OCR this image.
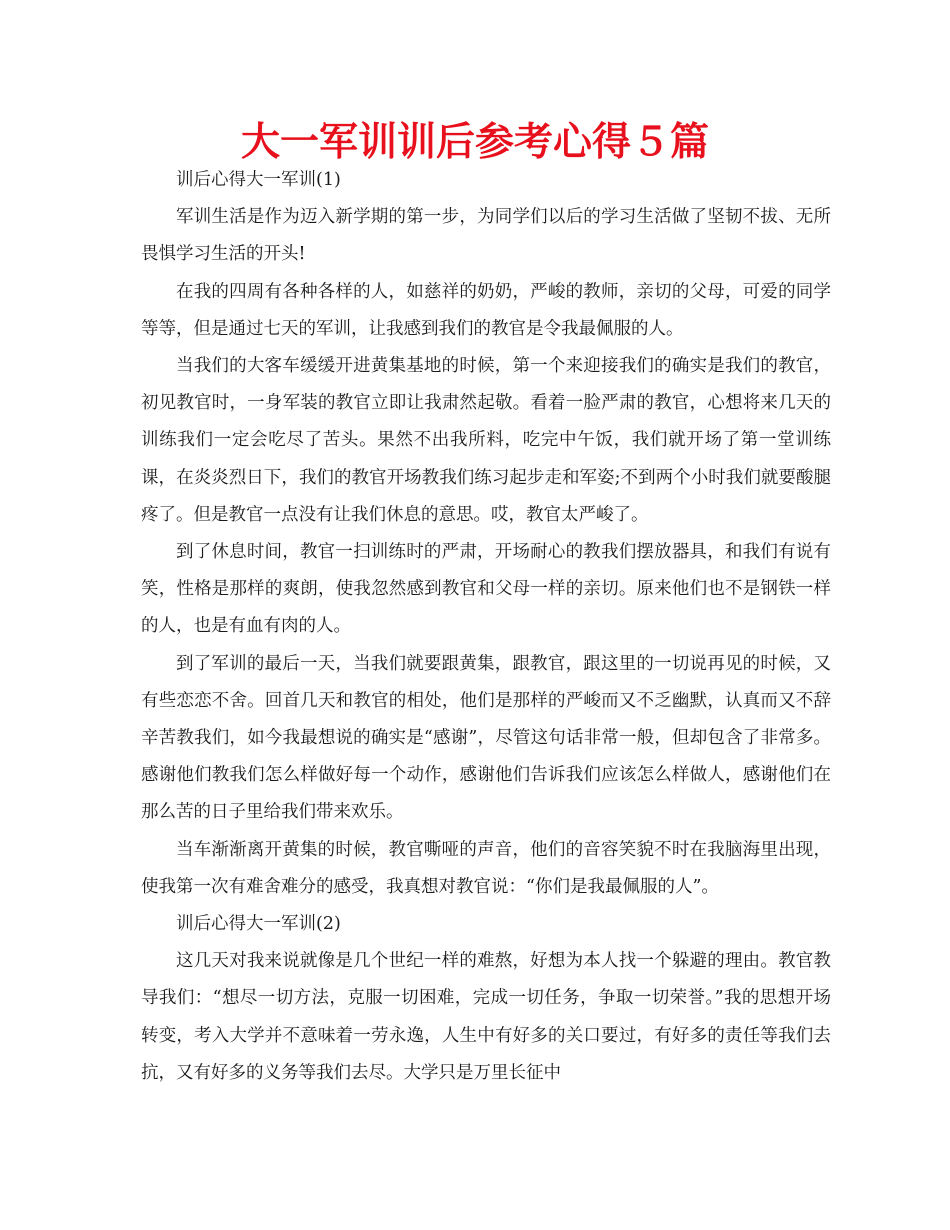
大一军训训后参考心得５篇

训后心得大一军训(1)

军训生活是作为迈入新学期的第一步，为同学们以后的学习生活做了坚韧不拔、无所畏惧学习生活的开头!

在我的四周有各种各样的人，如慈祥的奶奶，严峻的教师，亲切的父母，可爱的同学等等，但是通过七天的军训，让我感到我们的教官是令我最佩服的人。

当我们的大客车缓缓开进黄集基地的时候，第一个来迎接我们的确实是我们的教官，初见教官时，一身军装的教官立即让我肃然起敬。看着一脸严肃的教官，心想将来几天的训练我们一定会吃尽了苦头。果然不出我所料，吃完中午饭，我们就开场了第一堂训练课，在炎炎烈日下，我们的教官开场教我们练习起步走和军姿;不到两个小时我们就要酸腿疼了。但是教官一点没有让我们休息的意思。哎，教官太严峻了。

到了休息时间，教官一扫训练时的严肃，开场耐心的教我们摆放器具，和我们有说有笑，性格是那样的爽朗，使我忽然感到教官和父母一样的亲切。原来他们也不是钢铁一样的人，也是有血有肉的人。

到了军训的最后一天，当我们就要跟黄集，跟教官，跟这里的一切说再见的时候，又有些恋恋不舍。回首几天和教官的相处，他们是那样的严峻而又不乏幽默，认真而又不辞辛苦教我们，如今我最想说的确实是“感谢”，尽管这句话非常一般，但却包含了非常多。感谢他们教我们怎么样做好每一个动作，感谢他们告诉我们应该怎么样做人，感谢他们在那么苦的日子里给我们带来欢乐。

当车渐渐离开黄集的时候，教官嘶哑的声音，他们的音容笑貌不时在我脑海里出现，使我第一次有难舍难分的感受，我真想对教官说：“你们是我最佩服的人”。

训后心得大一军训(2)

这几天对我来说就像是几个世纪一样的难熬，好想为本人找一个躲避的理由。教官教导我们：“想尽一切方法，克服一切困难，完成一切任务，争取一切荣誉。”我的思想开场转变，考入大学并不意味着一劳永逸，人生中有好多的关口要过，有好多的责任等我们去抗，又有好多的义务等我们去尽。大学只是万里长征中
